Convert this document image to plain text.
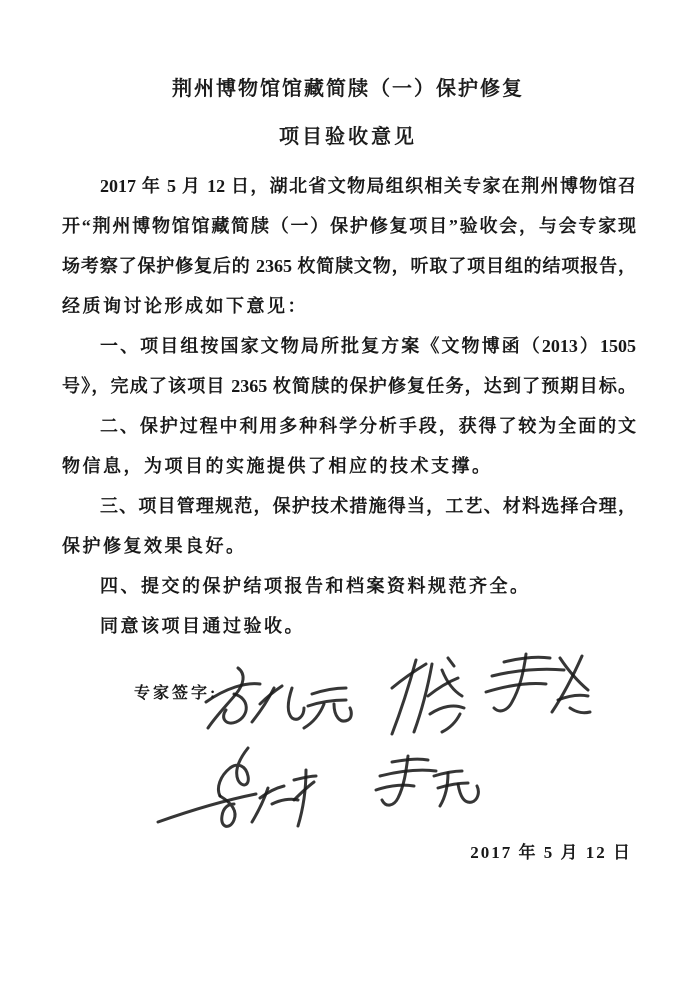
荆州博物馆馆藏简牍（一）保护修复
项目验收意见
2017 年 5 月 12 日，湖北省文物局组织相关专家在荆州博物馆召
开“荆州博物馆馆藏简牍（一）保护修复项目”验收会，与会专家现
场考察了保护修复后的 2365 枚简牍文物，听取了项目组的结项报告，
经质询讨论形成如下意见：
一、项目组按国家文物局所批复方案《文物博函（2013）1505
号》，完成了该项目 2365 枚简牍的保护修复任务，达到了预期目标。
二、保护过程中利用多种科学分析手段，获得了较为全面的文
物信息，为项目的实施提供了相应的技术支撑。
三、项目管理规范，保护技术措施得当，工艺、材料选择合理，
保护修复效果良好。
四、提交的保护结项报告和档案资料规范齐全。
同意该项目通过验收。
专家签字:
2017 年 5 月 12 日
